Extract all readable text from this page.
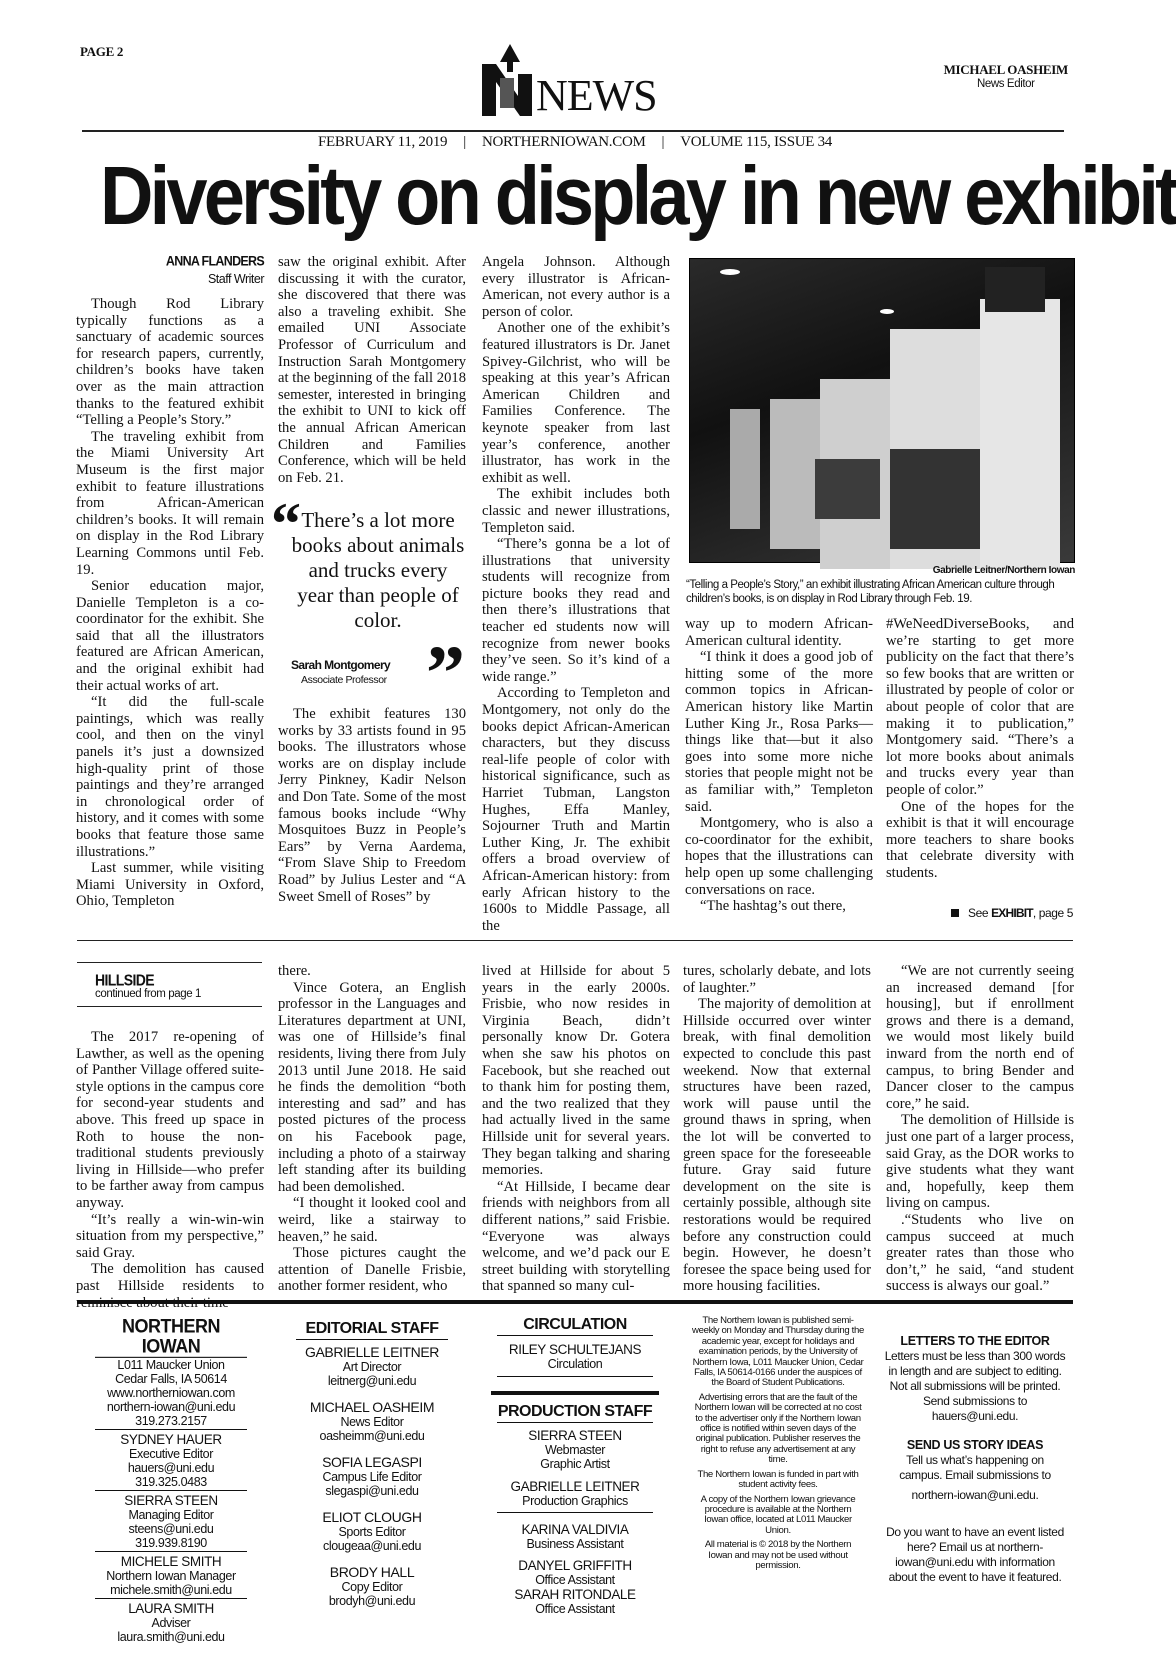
PAGE 2
NEWS
MICHAEL OASHEIM
News Editor
FEBRUARY 11, 2019 | NORTHERNIOWAN.COM | VOLUME 115, ISSUE 34
Diversity on display in new exhibit
ANNA FLANDERS
Staff Writer

Though Rod Library typically functions as a sanctuary of academic sources for research papers, currently, children’s books have taken over as the main attraction thanks to the featured exhibit “Telling a People’s Story.”

The traveling exhibit from the Miami University Art Museum is the first major exhibit to feature illustrations from African-American children’s books. It will remain on display in the Rod Library Learning Commons until Feb. 19.

Senior education major, Danielle Templeton is a co-coordinator for the exhibit. She said that all the illustrators featured are African American, and the original exhibit had their actual works of art.

“It did the full-scale paintings, which was really cool, and then on the vinyl panels it’s just a downsized high-quality print of those paintings and they’re arranged in chronological order of history, and it comes with some books that feature those same illustrations.”

Last summer, while visiting Miami University in Oxford, Ohio, Templeton

saw the original exhibit. After discussing it with the curator, she discovered that there was also a traveling exhibit. She emailed UNI Associate Professor of Curriculum and Instruction Sarah Montgomery at the beginning of the fall 2018 semester, interested in bringing the exhibit to UNI to kick off the annual African American Children and Families Conference, which will be held on Feb. 21.

“ There’s a lot more books about animals and trucks every year than people of color.
Sarah Montgomery
Associate Professor ”

The exhibit features 130 works by 33 artists found in 95 books. The illustrators whose works are on display include Jerry Pinkney, Kadir Nelson and Don Tate. Some of the most famous books include “Why Mosquitoes Buzz in People’s Ears” by Verna Aardema, “From Slave Ship to Freedom Road” by Julius Lester and “A Sweet Smell of Roses” by

Angela Johnson. Although every illustrator is African-American, not every author is a person of color.

Another one of the exhibit’s featured illustrators is Dr. Janet Spivey-Gilchrist, who will be speaking at this year’s African American Children and Families Conference. The keynote speaker from last year’s conference, another illustrator, has work in the exhibit as well.

The exhibit includes both classic and newer illustrations, Templeton said.

“There’s gonna be a lot of illustrations that university students will recognize from picture books they read and then there’s illustrations that teacher ed students now will recognize from newer books they’ve seen. So it’s kind of a wide range.”

According to Templeton and Montgomery, not only do the books depict African-American characters, but they discuss real-life people of color with historical significance, such as Harriet Tubman, Langston Hughes, Effa Manley, Sojourner Truth and Martin Luther King, Jr. The exhibit offers a broad overview of African-American history: from early African history to the 1600s to Middle Passage, all the

Gabrielle Leitner/Northern Iowan
“Telling a People’s Story,” an exhibit illustrating African American culture through children’s books, is on display in Rod Library through Feb. 19.

way up to modern African-American cultural identity.

“I think it does a good job of hitting some of the more common topics in African-American history like Martin Luther King Jr., Rosa Parks—things like that—but it also goes into some more niche stories that people might not be as familiar with,” Templeton said.

Montgomery, who is also a co-coordinator for the exhibit, hopes that the illustrations can help open up some challenging conversations on race.

“The hashtag’s out there,

#WeNeedDiverseBooks, and we’re starting to get more publicity on the fact that there’s so few books that are written or illustrated by people of color or about people of color that are making it to publication,” Montgomery said. “There’s a lot more books about animals and trucks every year than people of color.”

One of the hopes for the exhibit is that it will encourage more teachers to share books that celebrate diversity with students.

See EXHIBIT, page 5
HILLSIDE
continued from page 1

The 2017 re-opening of Lawther, as well as the opening of Panther Village offered suite-style options in the campus core for second-year students and above. This freed up space in Roth to house the non-traditional students previously living in Hillside—who prefer to be farther away from campus anyway.

“It’s really a win-win-win situation from my perspective,” said Gray.

The demolition has caused past Hillside residents to reminisce about their time

there.

Vince Gotera, an English professor in the Languages and Literatures department at UNI, was one of Hillside’s final residents, living there from July 2013 until June 2018. He said he finds the demolition “both interesting and sad” and has posted pictures of the process on his Facebook page, including a photo of a stairway left standing after its building had been demolished.

“I thought it looked cool and weird, like a stairway to heaven,” he said.

Those pictures caught the attention of Danelle Frisbie, another former resident, who

lived at Hillside for about 5 years in the early 2000s. Frisbie, who now resides in Virginia Beach, didn’t personally know Dr. Gotera when she saw his photos on Facebook, but she reached out to thank him for posting them, and the two realized that they had actually lived in the same Hillside unit for several years. They began talking and sharing memories.

“At Hillside, I became dear friends with neighbors from all different nations,” said Frisbie. “Everyone was always welcome, and we’d pack our E street building with storytelling that spanned so many cul-

tures, scholarly debate, and lots of laughter.”

The majority of demolition at Hillside occurred over winter break, with final demolition expected to conclude this past weekend. Now that external structures have been razed, work will pause until the ground thaws in spring, when the lot will be converted to green space for the foreseeable future. Gray said future development on the site is certainly possible, although site restorations would be required before any construction could begin. However, he doesn’t foresee the space being used for more housing facilities.

“We are not currently seeing an increased demand [for housing], but if enrollment grows and there is a demand, we would most likely build inward from the north end of campus, to bring Bender and Dancer closer to the campus core,” he said.

The demolition of Hillside is just one part of a larger process, said Gray, as the DOR works to give students what they want and, hopefully, keep them living on campus.

.“Students who live on campus succeed at much greater rates than those who don’t,” he said, “and student success is always our goal.”

NORTHERN IOWAN
L011 Maucker Union
Cedar Falls, IA 50614
www.northerniowan.com
northern-iowan@uni.edu
319.273.2157
SYDNEY HAUER
Executive Editor
hauers@uni.edu
319.325.0483
SIERRA STEEN
Managing Editor
steens@uni.edu
319.939.8190
MICHELE SMITH
Northern Iowan Manager
michele.smith@uni.edu
LAURA SMITH
Adviser
laura.smith@uni.edu
EDITORIAL STAFF
GABRIELLE LEITNER
Art Director
leitnerg@uni.edu
MICHAEL OASHEIM
News Editor
oasheimm@uni.edu
SOFIA LEGASPI
Campus Life Editor
slegaspi@uni.edu
ELIOT CLOUGH
Sports Editor
clougeaa@uni.edu
BRODY HALL
Copy Editor
brodyh@uni.edu
CIRCULATION
RILEY SCHULTEJANS
Circulation
PRODUCTION STAFF
SIERRA STEEN
Webmaster
Graphic Artist
GABRIELLE LEITNER
Production Graphics
KARINA VALDIVIA
Business Assistant
DANYEL GRIFFITH
Office Assistant
SARAH RITONDALE
Office Assistant

The Northern Iowan is published semi-weekly on Monday and Thursday during the academic year, except for holidays and examination periods, by the University of Northern Iowa, L011 Maucker Union, Cedar Falls, IA 50614-0166 under the auspices of the Board of Student Publications.

Advertising errors that are the fault of the Northern Iowan will be corrected at no cost to the advertiser only if the Northern Iowan office is notified within seven days of the original publication. Publisher reserves the right to refuse any advertisement at any time.

The Northern Iowan is funded in part with student activity fees.

A copy of the Northern Iowan grievance procedure is available at the Northern Iowan office, located at L011 Maucker Union.

All material is © 2018 by the Northern Iowan and may not be used without permission.

LETTERS TO THE EDITOR
Letters must be less than 300 words in length and are subject to editing. Not all submissions will be printed. Send submissions to hauers@uni.edu.
SEND US STORY IDEAS
Tell us what’s happening on campus. Email submissions to
northern-iowan@uni.edu.
Do you want to have an event listed here? Email us at northern-iowan@uni.edu with information about the event to have it featured.
